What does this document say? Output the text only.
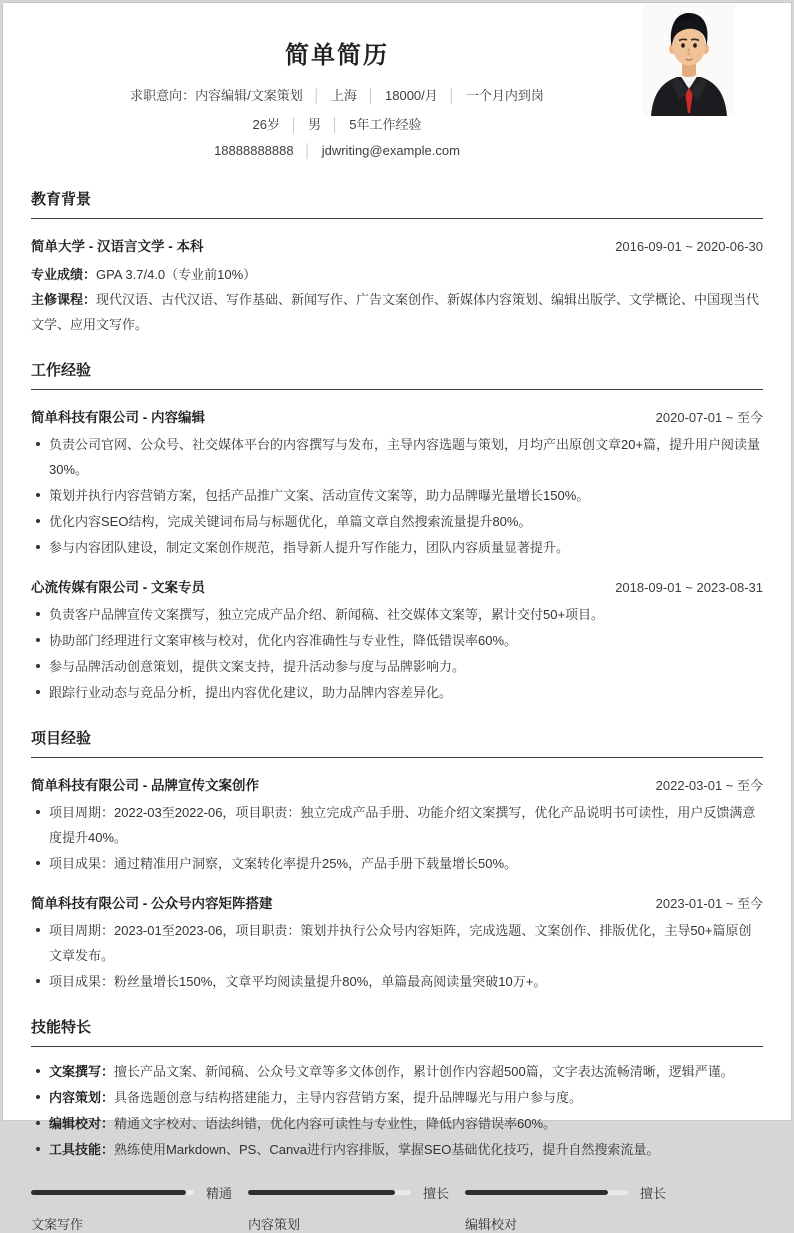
简单简历
求职意向：内容编辑/文案策划 │ 上海 │ 18000/月 │ 一个月内到岗
26岁 │ 男 │ 5年工作经验
18888888888 │ jdwriting@example.com
教育背景
简单大学 - 汉语言文学 - 本科	2016-09-01 ~ 2020-06-30
专业成绩：GPA 3.7/4.0（专业前10%）
主修课程：现代汉语、古代汉语、写作基础、新闻写作、广告文案创作、新媒体内容策划、编辑出版学、文学概论、中国现当代文学、应用文写作。
工作经验
简单科技有限公司 - 内容编辑	2020-07-01 ~ 至今
负责公司官网、公众号、社交媒体平台的内容撰写与发布，主导内容选题与策划，月均产出原创文章20+篇，提升用户阅读量30%。
策划并执行内容营销方案，包括产品推广文案、活动宣传文案等，助力品牌曝光量增长150%。
优化内容SEO结构，完成关键词布局与标题优化，单篇文章自然搜索流量提升80%。
参与内容团队建设，制定文案创作规范，指导新人提升写作能力，团队内容质量显著提升。
心流传媒有限公司 - 文案专员	2018-09-01 ~ 2023-08-31
负责客户品牌宣传文案撰写，独立完成产品介绍、新闻稿、社交媒体文案等，累计交付50+项目。
协助部门经理进行文案审核与校对，优化内容准确性与专业性，降低错误率60%。
参与品牌活动创意策划，提供文案支持，提升活动参与度与品牌影响力。
跟踪行业动态与竞品分析，提出内容优化建议，助力品牌内容差异化。
项目经验
简单科技有限公司 - 品牌宣传文案创作	2022-03-01 ~ 至今
项目周期：2022-03至2022-06，项目职责：独立完成产品手册、功能介绍文案撰写，优化产品说明书可读性，用户反馈满意度提升40%。
项目成果：通过精准用户洞察，文案转化率提升25%，产品手册下载量增长50%。
简单科技有限公司 - 公众号内容矩阵搭建	2023-01-01 ~ 至今
项目周期：2023-01至2023-06，项目职责：策划并执行公众号内容矩阵，完成选题、文案创作、排版优化，主导50+篇原创文章发布。
项目成果：粉丝量增长150%，文章平均阅读量提升80%，单篇最高阅读量突破10万+。
技能特长
文案撰写：擅长产品文案、新闻稿、公众号文章等多文体创作，累计创作内容超500篇，文字表达流畅清晰，逻辑严谨。
内容策划：具备选题创意与结构搭建能力，主导内容营销方案，提升品牌曝光与用户参与度。
编辑校对：精通文字校对、语法纠错，优化内容可读性与专业性，降低内容错误率60%。
工具技能：熟练使用Markdown、PS、Canva进行内容排版，掌握SEO基础优化技巧，提升自然搜索流量。
精通
文案写作
擅长
内容策划
擅长
编辑校对
